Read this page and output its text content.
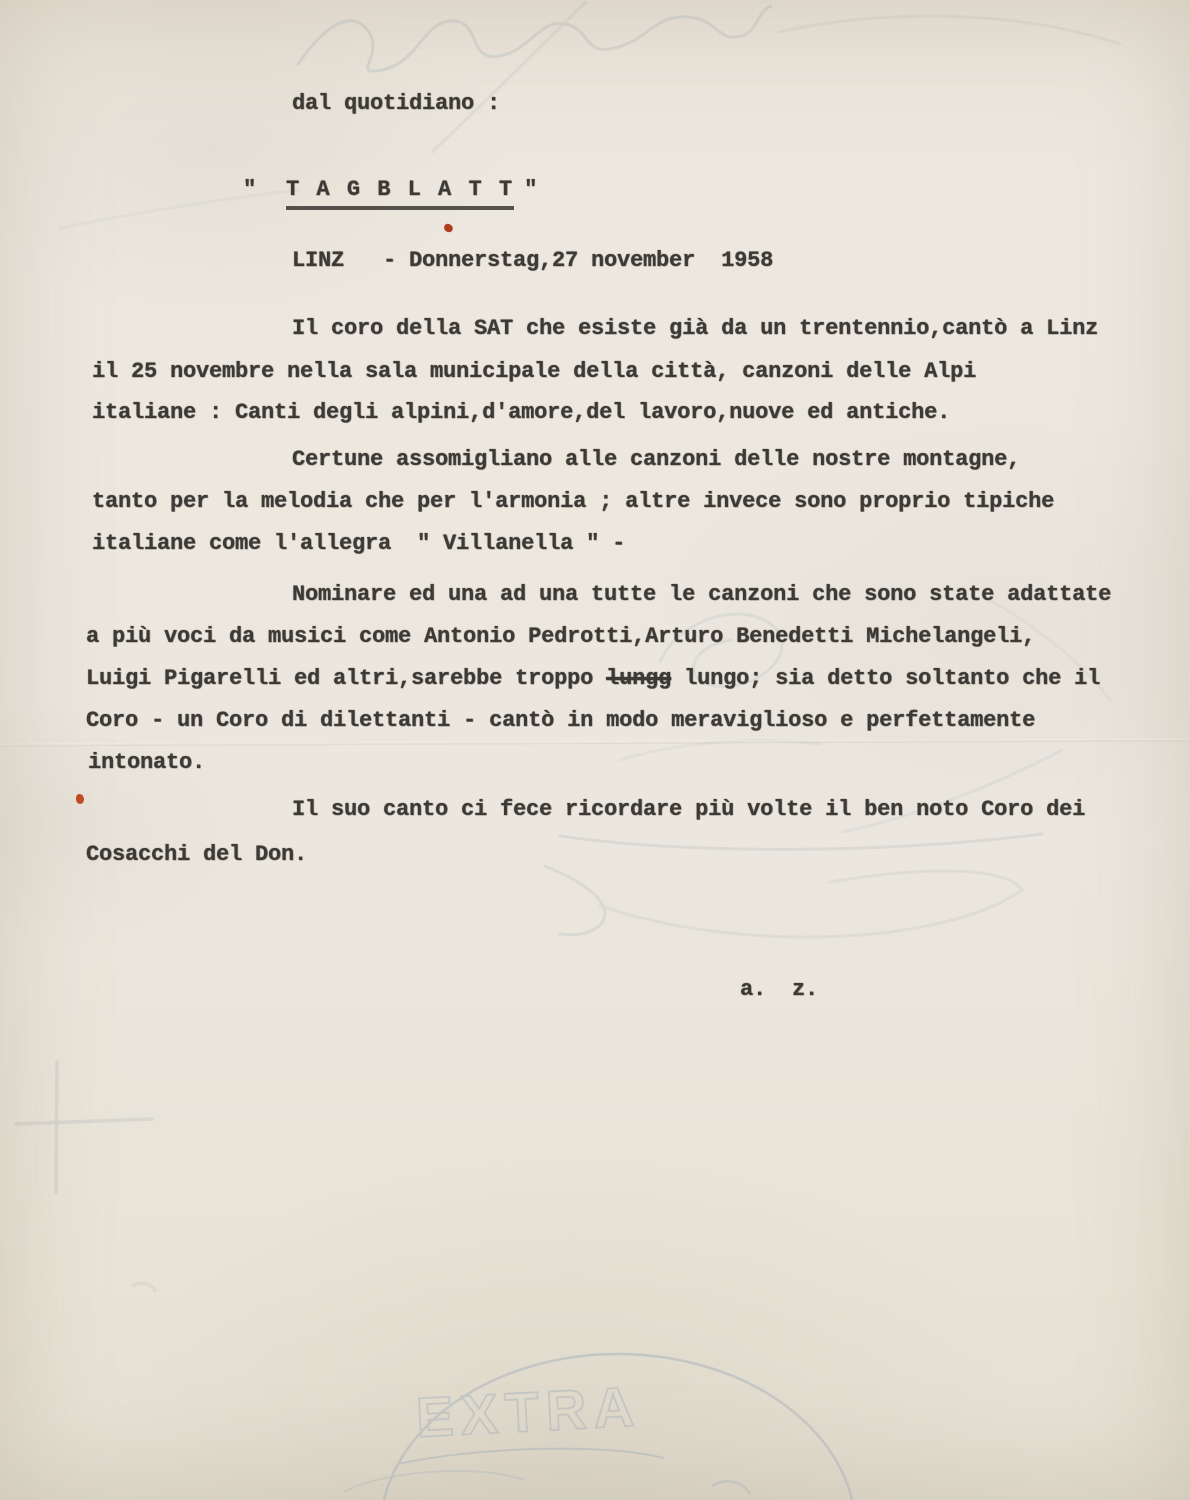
EXTRA
dal quotidiano :
" T A G B L A T T "
LINZ   - Donnerstag,27 november  1958
Il coro della SAT che esiste già da un trentennio,cantò a Linz
il 25 novembre nella sala municipale della città, canzoni delle Alpi
italiane : Canti degli alpini,d'amore,del lavoro,nuove ed antiche.
Certune assomigliano alle canzoni delle nostre montagne,
tanto per la melodia che per l'armonia ; altre invece sono proprio tipiche
italiane come l'allegra  " Villanella " -
Nominare ed una ad una tutte le canzoni che sono state adattate
a più voci da musici come Antonio Pedrotti,Arturo Benedetti Michelangeli,
Luigi Pigarelli ed altri,sarebbe troppo lungg lungo; sia detto soltanto che il
Coro - un Coro di dilettanti - cantò in modo meraviglioso e perfettamente
intonato.
Il suo canto ci fece ricordare più volte il ben noto Coro dei
Cosacchi del Don.
a.  z.
